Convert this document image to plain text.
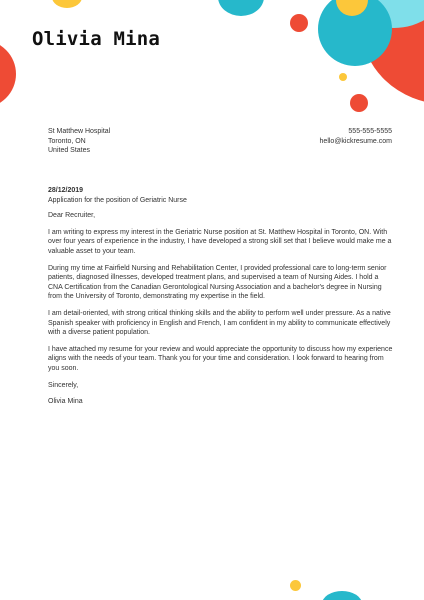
Olivia Mina
St Matthew Hospital
Toronto, ON
United States
555-555-5555
hello@kickresume.com
28/12/2019
Application for the position of Geriatric Nurse

Dear Recruiter,

I am writing to express my interest in the Geriatric Nurse position at St. Matthew Hospital in Toronto, ON. With over four years of experience in the industry, I have developed a strong skill set that I believe would make me a valuable asset to your team.

During my time at Fairfield Nursing and Rehabilitation Center, I provided professional care to long-term senior patients, diagnosed illnesses, developed treatment plans, and supervised a team of Nursing Aides. I hold a CNA Certification from the Canadian Gerontological Nursing Association and a bachelor's degree in Nursing from the University of Toronto, demonstrating my expertise in the field.

I am detail-oriented, with strong critical thinking skills and the ability to perform well under pressure. As a native Spanish speaker with proficiency in English and French, I am confident in my ability to communicate effectively with a diverse patient population.

I have attached my resume for your review and would appreciate the opportunity to discuss how my experience aligns with the needs of your team. Thank you for your time and consideration. I look forward to hearing from you soon.

Sincerely,

Olivia Mina
